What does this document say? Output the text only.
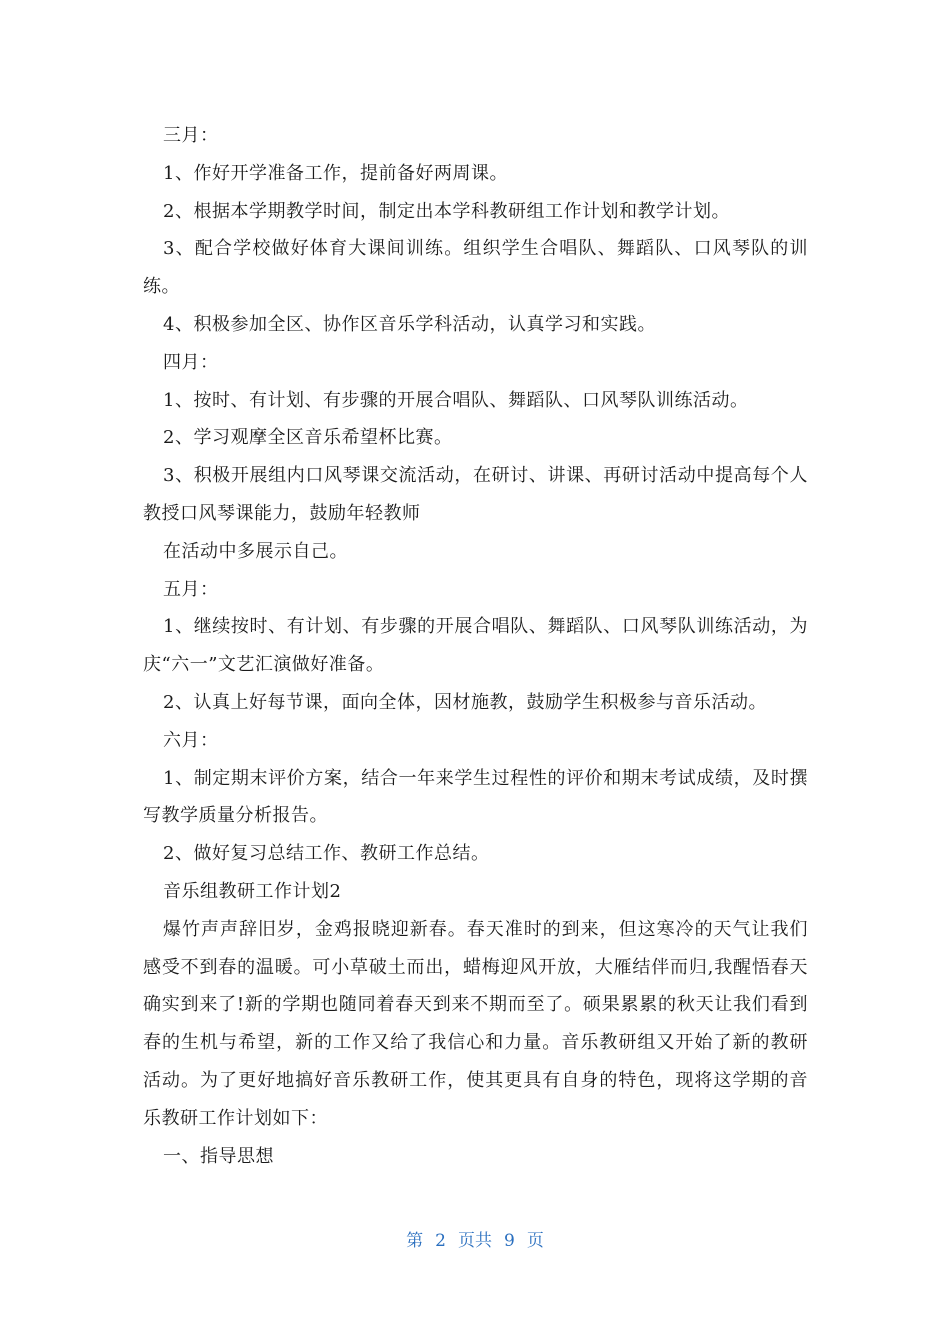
三月：

1、作好开学准备工作，提前备好两周课。

2、根据本学期教学时间，制定出本学科教研组工作计划和教学计划。

3、配合学校做好体育大课间训练。组织学生合唱队、舞蹈队、口风琴队的训练。

4、积极参加全区、协作区音乐学科活动，认真学习和实践。

四月：

1、按时、有计划、有步骤的开展合唱队、舞蹈队、口风琴队训练活动。

2、学习观摩全区音乐希望杯比赛。

3、积极开展组内口风琴课交流活动，在研讨、讲课、再研讨活动中提高每个人教授口风琴课能力，鼓励年轻教师

在活动中多展示自己。

五月：

1、继续按时、有计划、有步骤的开展合唱队、舞蹈队、口风琴队训练活动，为庆“六一”文艺汇演做好准备。

2、认真上好每节课，面向全体，因材施教，鼓励学生积极参与音乐活动。

六月：

1、制定期末评价方案，结合一年来学生过程性的评价和期末考试成绩，及时撰写教学质量分析报告。

2、做好复习总结工作、教研工作总结。

音乐组教研工作计划2

爆竹声声辞旧岁，金鸡报晓迎新春。春天准时的到来，但这寒冷的天气让我们感受不到春的温暖。可小草破土而出，蜡梅迎风开放，大雁结伴而归,我醒悟春天确实到来了!新的学期也随同着春天到来不期而至了。硕果累累的秋天让我们看到春的生机与希望，新的工作又给了我信心和力量。音乐教研组又开始了新的教研活动。为了更好地搞好音乐教研工作，使其更具有自身的特色，现将这学期的音乐教研工作计划如下：

一、指导思想

第 2 页共 9 页
